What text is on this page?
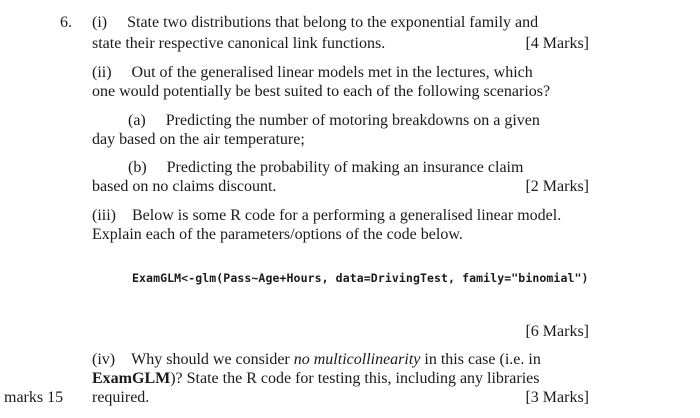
6. (i) State two distributions that belong to the exponential family and
state their respective canonical link functions.	[4 Marks]
(ii) Out of the generalised linear models met in the lectures, which
one would potentially be best suited to each of the following scenarios?
(a) Predicting the number of motoring breakdowns on a given
day based on the air temperature;
(b) Predicting the probability of making an insurance claim
based on no claims discount.	[2 Marks]
(iii) Below is some R code for a performing a generalised linear model.
Explain each of the parameters/options of the code below.
ExamGLM<-glm(Pass~Age+Hours, data=DrivingTest, family="binomial")
[6 Marks]
(iv) Why should we consider no multicollinearity in this case (i.e. in
ExamGLM)? State the R code for testing this, including any libraries
required.	[3 Marks]
marks 15
